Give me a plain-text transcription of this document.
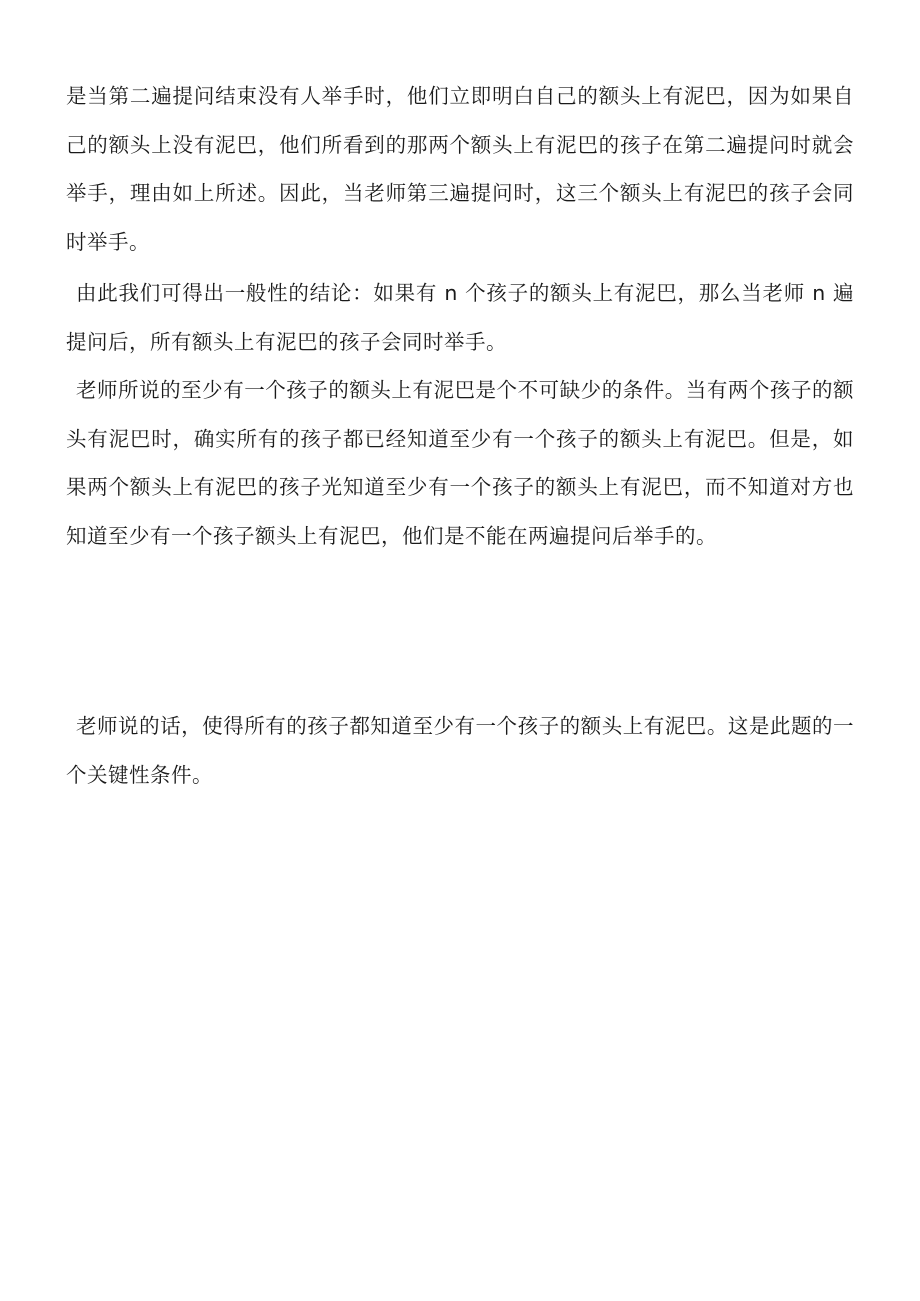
是当第二遍提问结束没有人举手时，他们立即明白自己的额头上有泥巴，因为如果自己的额头上没有泥巴，他们所看到的那两个额头上有泥巴的孩子在第二遍提问时就会举手，理由如上所述。因此，当老师第三遍提问时，这三个额头上有泥巴的孩子会同时举手。

由此我们可得出一般性的结论：如果有 n 个孩子的额头上有泥巴，那么当老师 n 遍提问后，所有额头上有泥巴的孩子会同时举手。

老师所说的至少有一个孩子的额头上有泥巴是个不可缺少的条件。当有两个孩子的额头有泥巴时，确实所有的孩子都已经知道至少有一个孩子的额头上有泥巴。但是，如果两个额头上有泥巴的孩子光知道至少有一个孩子的额头上有泥巴，而不知道对方也知道至少有一个孩子额头上有泥巴，他们是不能在两遍提问后举手的。

老师说的话，使得所有的孩子都知道至少有一个孩子的额头上有泥巴。这是此题的一个关键性条件。
